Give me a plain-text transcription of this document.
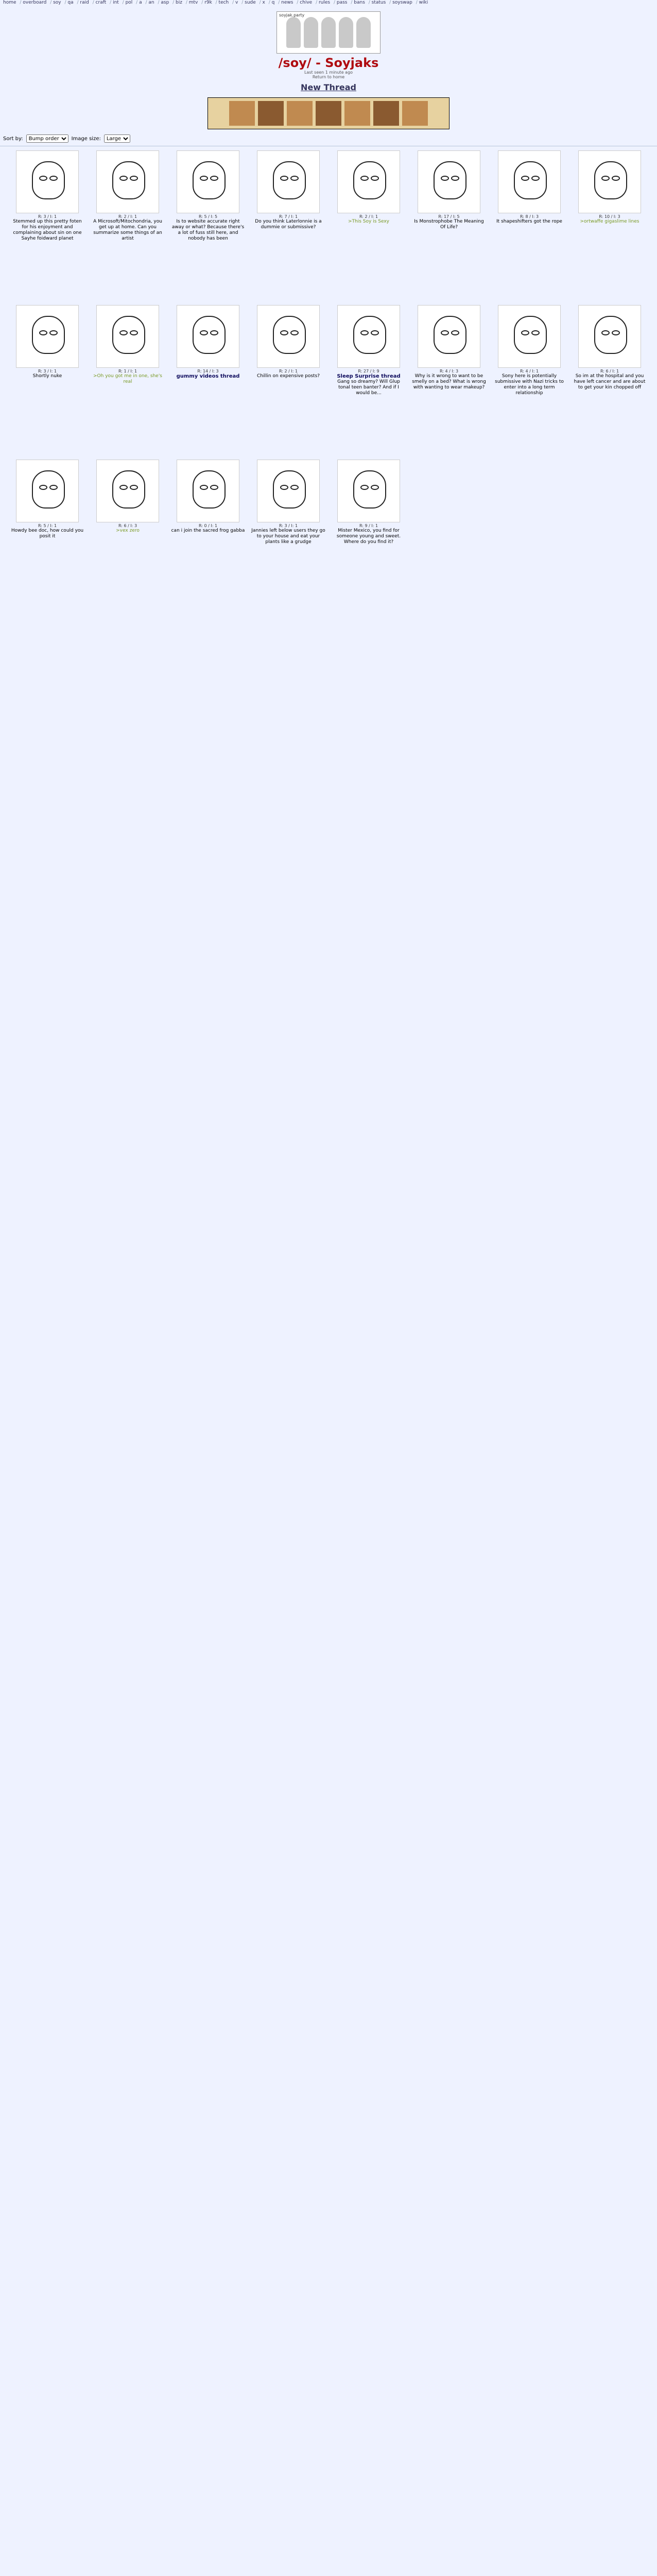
home / overboard / soy / qa / raid / craft / int / pol / a / an / asp / biz / mtv / r9k / tech / v / sude / x / q / news / chive / rules / pass / bans / status / soyswap / wiki
soyjak.party
/soy/ - Soyjaks
Last seen 1 minute ago
Return to home
New Thread
Sort by:
Bump order	Image size:
Large
R: 3 / I: 1
Stemmed up this pretty foten for his enjoyment and complaining about sin on one Sayhe foidward planet
R: 2 / I: 1
A Microsoft/Mitochondria, you get up at home. Can you summarize some things of an artist
R: 5 / I: 5
Is to website accurate right away or what? Because there's a lot of fuss still here, and nobody has been
R: 7 / I: 1
Do you think Laterlonnie is a dummie or submissive?
R: 2 / I: 1
>This Soy is Sexy
R: 17 / I: 5
Is Monstrophobe The Meaning Of Life?
R: 8 / I: 3
It shapeshifters got the rope
R: 10 / I: 3
>ortwaffe gigaslime lines
R: 3 / I: 1
Shortly nuke
R: 1 / I: 1
>Oh you got me in one, she's real
R: 14 / I: 3
gummy videos thread
R: 2 / I: 1
Chillin on expensive posts?
R: 27 / I: 9
Sleep Surprise thread
Gang so dreamy? Will Glup tonal teen banter? And if I would be...
R: 4 / I: 3
Why is it wrong to want to be smelly on a bed? What is wrong with wanting to wear makeup?
R: 4 / I: 1
Sony here is potentially submissive with Nazi tricks to enter into a long term relationship
R: 6 / I: 1
So im at the hospital and you have left cancer and are about to get your kin chopped off
R: 5 / I: 1
Howdy bee doc, how could you posit it
R: 6 / I: 3
>vex zero
R: 0 / I: 1
can i join the sacred frog gabba
R: 3 / I: 1
Jannies left below users they go to your house and eat your plants like a grudge
R: 9 / I: 1
Mister Mexico, you find for someone young and sweet. Where do you find it?
